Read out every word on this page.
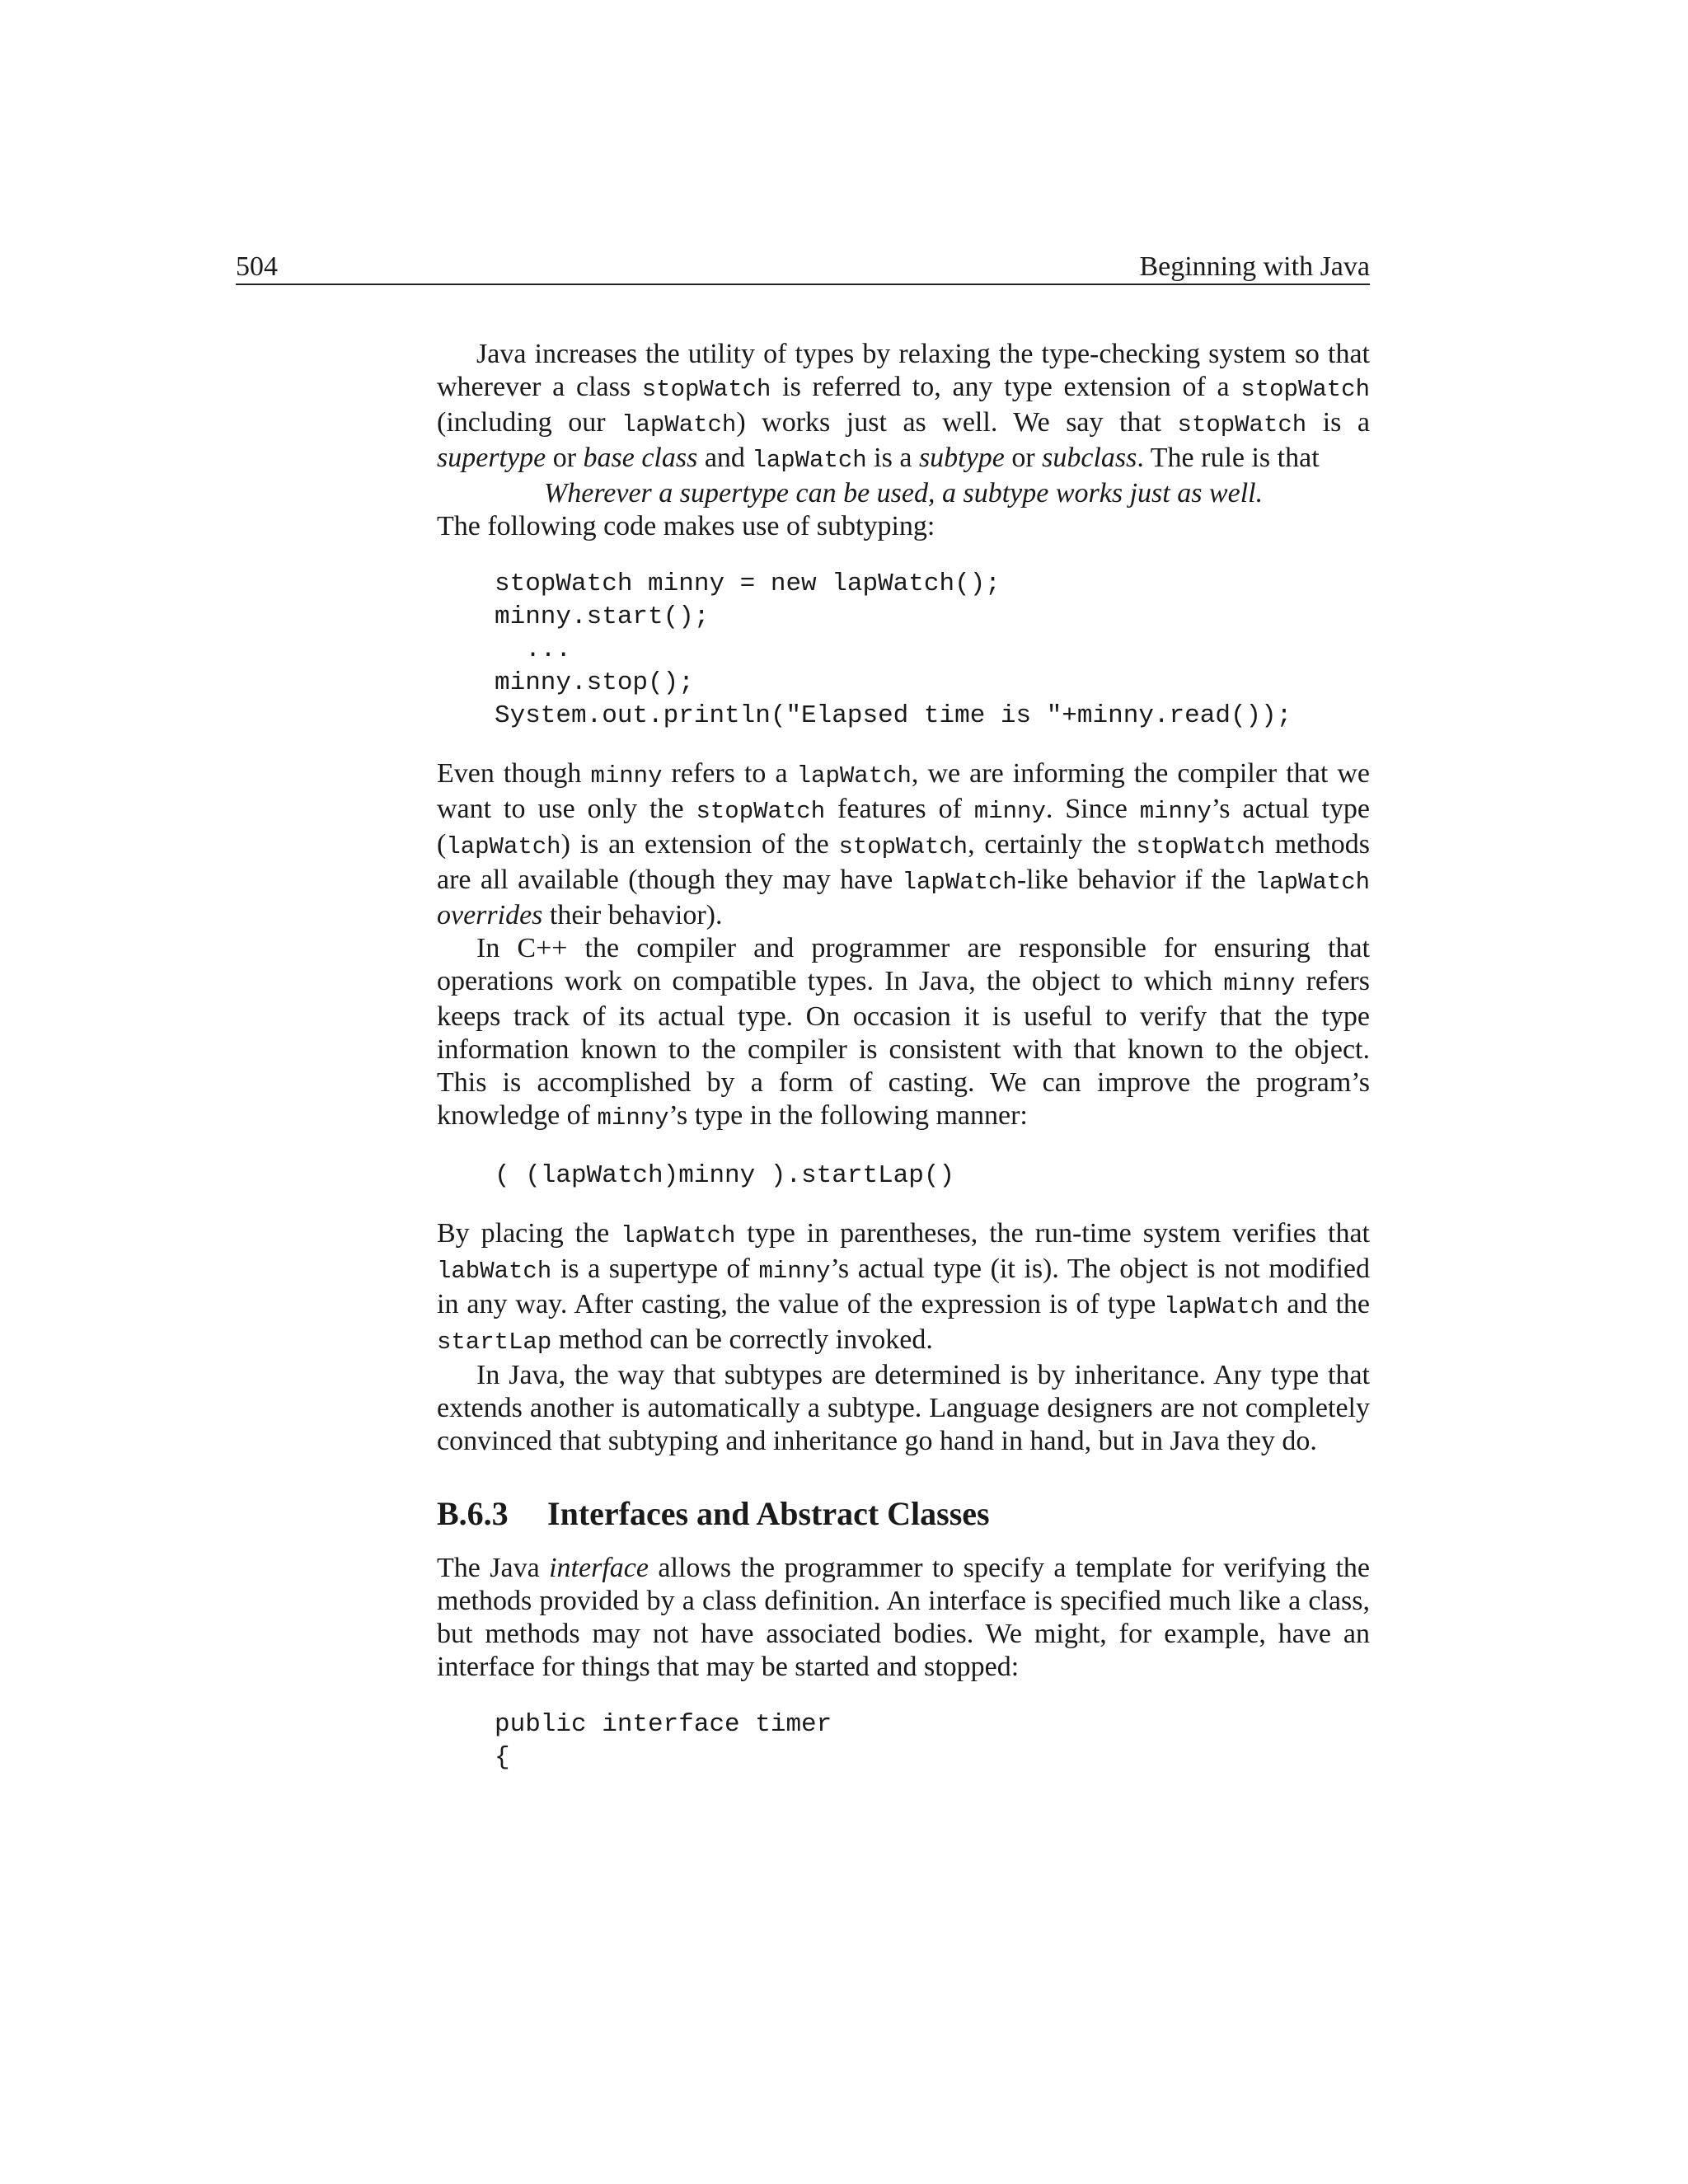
504	Beginning with Java

Java increases the utility of types by relaxing the type-checking system so that wherever a class stopWatch is referred to, any type extension of a stopWatch (including our lapWatch) works just as well. We say that stopWatch is a supertype or base class and lapWatch is a subtype or subclass. The rule is that

Wherever a supertype can be used, a subtype works just as well.

The following code makes use of subtyping:

stopWatch minny = new lapWatch();
minny.start();
...
minny.stop();
System.out.println("Elapsed time is "+minny.read());

Even though minny refers to a lapWatch, we are informing the compiler that we want to use only the stopWatch features of minny. Since minny’s actual type (lapWatch) is an extension of the stopWatch, certainly the stopWatch methods are all available (though they may have lapWatch-like behavior if the lapWatch overrides their behavior).

In C++ the compiler and programmer are responsible for ensuring that operations work on compatible types. In Java, the object to which minny refers keeps track of its actual type. On occasion it is useful to verify that the type information known to the compiler is consistent with that known to the object. This is accomplished by a form of casting. We can improve the program’s knowledge of minny’s type in the following manner:

( (lapWatch)minny ).startLap()

By placing the lapWatch type in parentheses, the run-time system verifies that labWatch is a supertype of minny’s actual type (it is). The object is not modified in any way. After casting, the value of the expression is of type lapWatch and the startLap method can be correctly invoked.

In Java, the way that subtypes are determined is by inheritance. Any type that extends another is automatically a subtype. Language designers are not completely convinced that subtyping and inheritance go hand in hand, but in Java they do.

B.6.3 Interfaces and Abstract Classes

The Java interface allows the programmer to specify a template for verifying the methods provided by a class definition. An interface is specified much like a class, but methods may not have associated bodies. We might, for example, have an interface for things that may be started and stopped:

public interface timer
{
